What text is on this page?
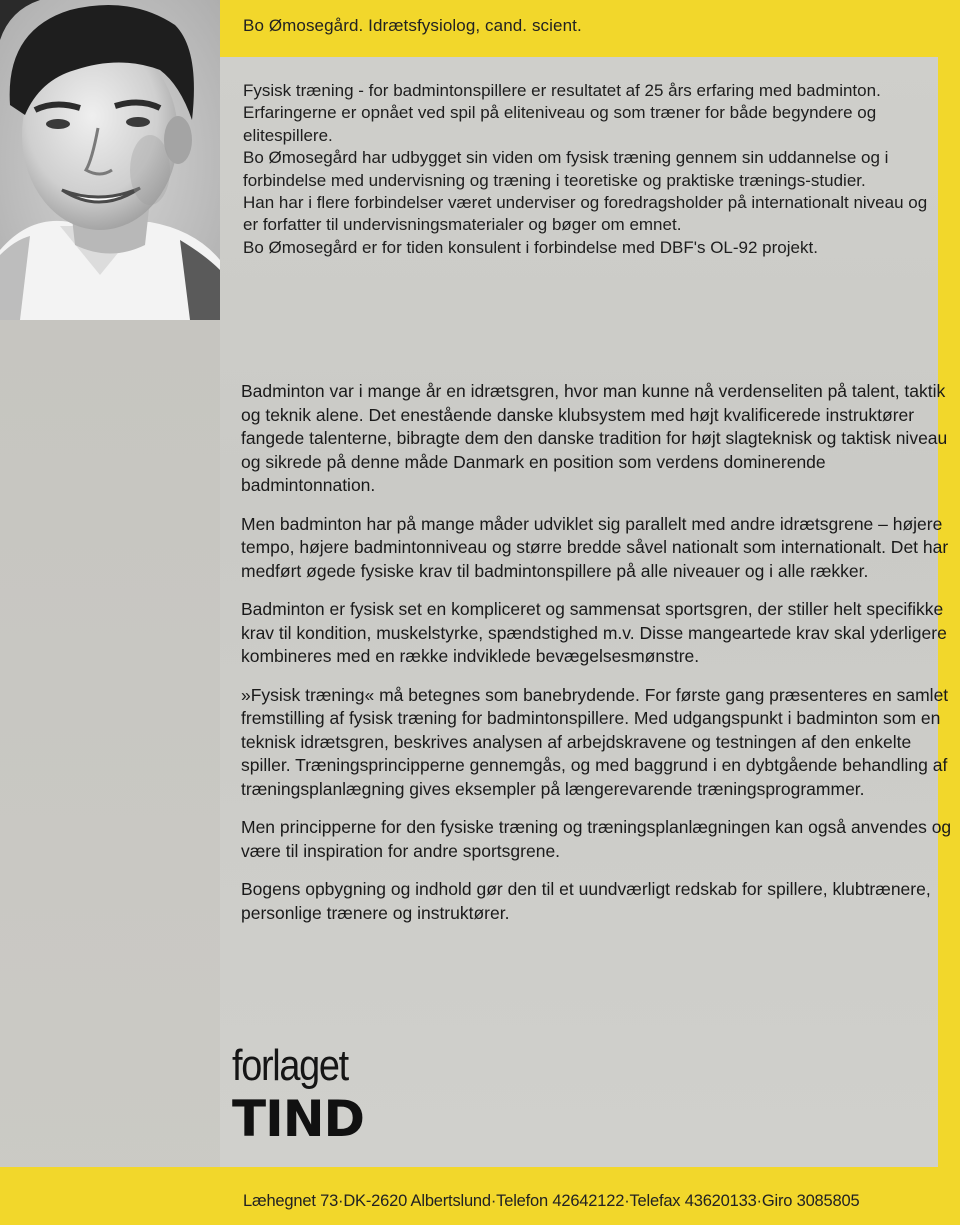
Bo Ømosegård. Idrætsfysiolog, cand. scient.

Fysisk træning - for badmintonspillere er resultatet af 25 års erfaring med badminton.

Erfaringerne er opnået ved spil på eliteniveau og som træner for både begyndere og elitespillere.

Bo Ømosegård har udbygget sin viden om fysisk træning gennem sin uddannelse og i forbindelse med undervisning og træning i teoretiske og praktiske trænings-studier.

Han har i flere forbindelser været underviser og foredragsholder på internationalt niveau og er forfatter til undervisningsmaterialer og bøger om emnet.

Bo Ømosegård er for tiden konsulent i forbindelse med DBF's OL-92 projekt.

Badminton var i mange år en idrætsgren, hvor man kunne nå verdenseliten på talent, taktik og teknik alene. Det enestående danske klubsystem med højt kvalificerede instruktører fangede talenterne, bibragte dem den danske tradition for højt slagteknisk og taktisk niveau og sikrede på denne måde Danmark en position som verdens dominerende badmintonnation.

Men badminton har på mange måder udviklet sig parallelt med andre idrætsgrene – højere tempo, højere badmintonniveau og større bredde såvel nationalt som internationalt. Det har medført øgede fysiske krav til badmintonspillere på alle niveauer og i alle rækker.

Badminton er fysisk set en kompliceret og sammensat sportsgren, der stiller helt specifikke krav til kondition, muskelstyrke, spændstighed m.v. Disse mangeartede krav skal yderligere kombineres med en række indviklede bevægelsesmønstre.

»Fysisk træning« må betegnes som banebrydende. For første gang præsenteres en samlet fremstilling af fysisk træning for badmintonspillere. Med udgangspunkt i badminton som en teknisk idrætsgren, beskrives analysen af arbejdskravene og testningen af den enkelte spiller. Træningsprincipperne gennemgås, og med baggrund i en dybtgående behandling af træningsplanlægning gives eksempler på længerevarende træningsprogrammer.

Men principperne for den fysiske træning og træningsplanlægningen kan også anvendes og være til inspiration for andre sportsgrene.

Bogens opbygning og indhold gør den til et uundværligt redskab for spillere, klubtrænere, personlige trænere og instruktører.

forlaget
TIND
Læhegnet 73·DK-2620 Albertslund·Telefon 42642122·Telefax 43620133·Giro 3085805
